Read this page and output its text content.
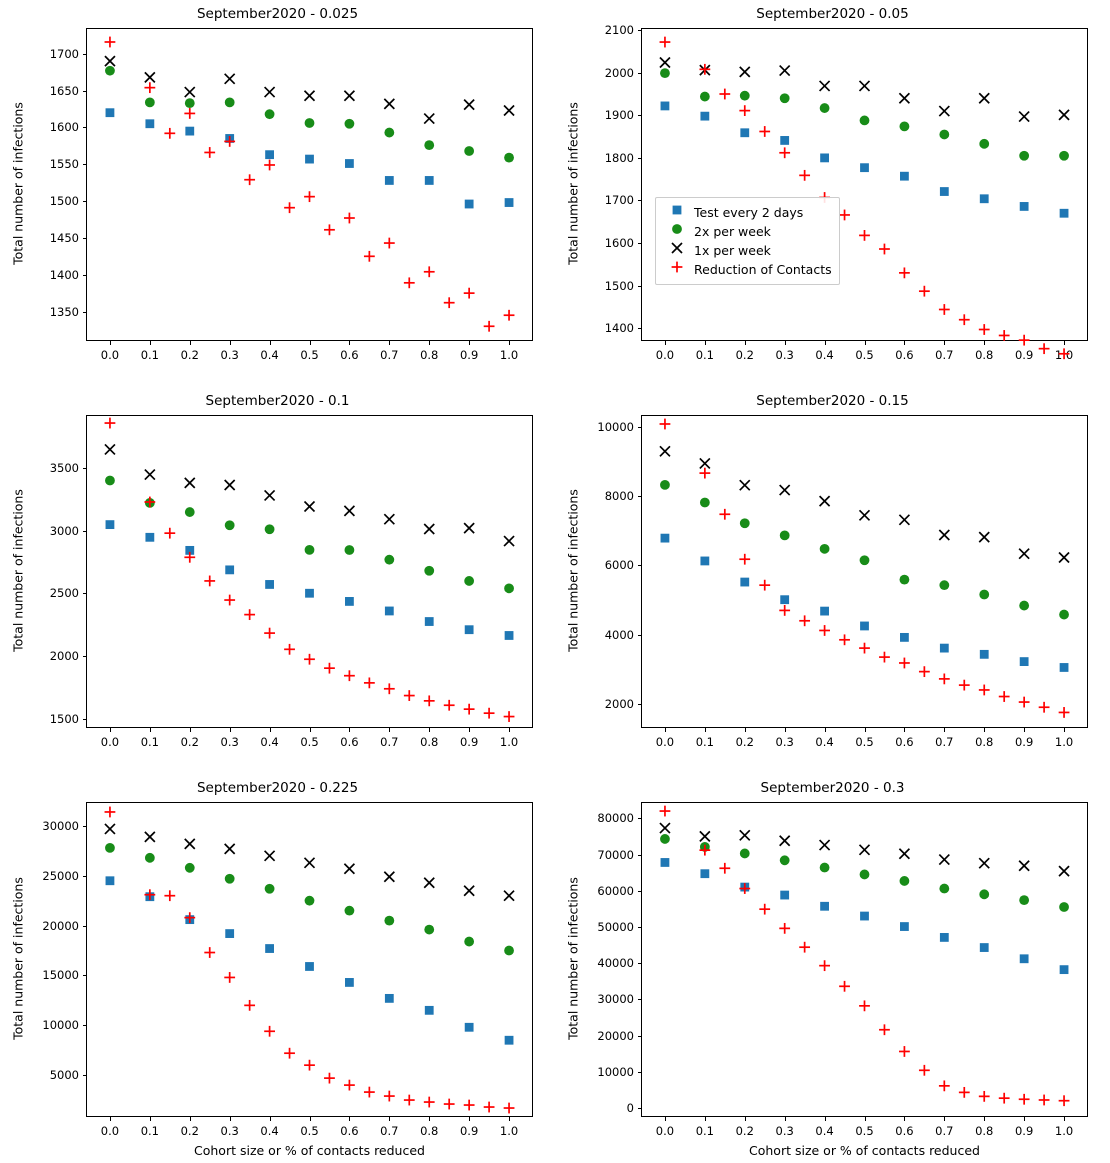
September2020 - 0.025
1350
1400
1450
1500
1550
1600
1650
1700
0.0 0.1 0.2 0.3 0.4 0.5 0.6 0.7 0.8 0.9 1.0
Total number of infections
September2020 - 0.05
1400
1500
1600
1700
1800
1900
2000
2100
0.0 0.1 0.2 0.3 0.4 0.5 0.6 0.7 0.8 0.9 1.0
Total number of infections	Test every 2 days
2x per week
1x per week
Reduction of Contacts
September2020 - 0.1
1500
2000
2500
3000
3500
0.0 0.1 0.2 0.3 0.4 0.5 0.6 0.7 0.8 0.9 1.0
Total number of infections
September2020 - 0.15
2000
4000
6000
8000
10000
0.0 0.1 0.2 0.3 0.4 0.5 0.6 0.7 0.8 0.9 1.0
Total number of infections
September2020 - 0.225
5000
10000
15000
20000
25000
30000
0.0 0.1 0.2 0.3 0.4 0.5 0.6 0.7 0.8 0.9 1.0
Total number of infections
Cohort size or % of contacts reduced
September2020 - 0.3
0
10000
20000
30000
40000
50000
60000
70000
80000
0.0 0.1 0.2 0.3 0.4 0.5 0.6 0.7 0.8 0.9 1.0
Total number of infections
Cohort size or % of contacts reduced
